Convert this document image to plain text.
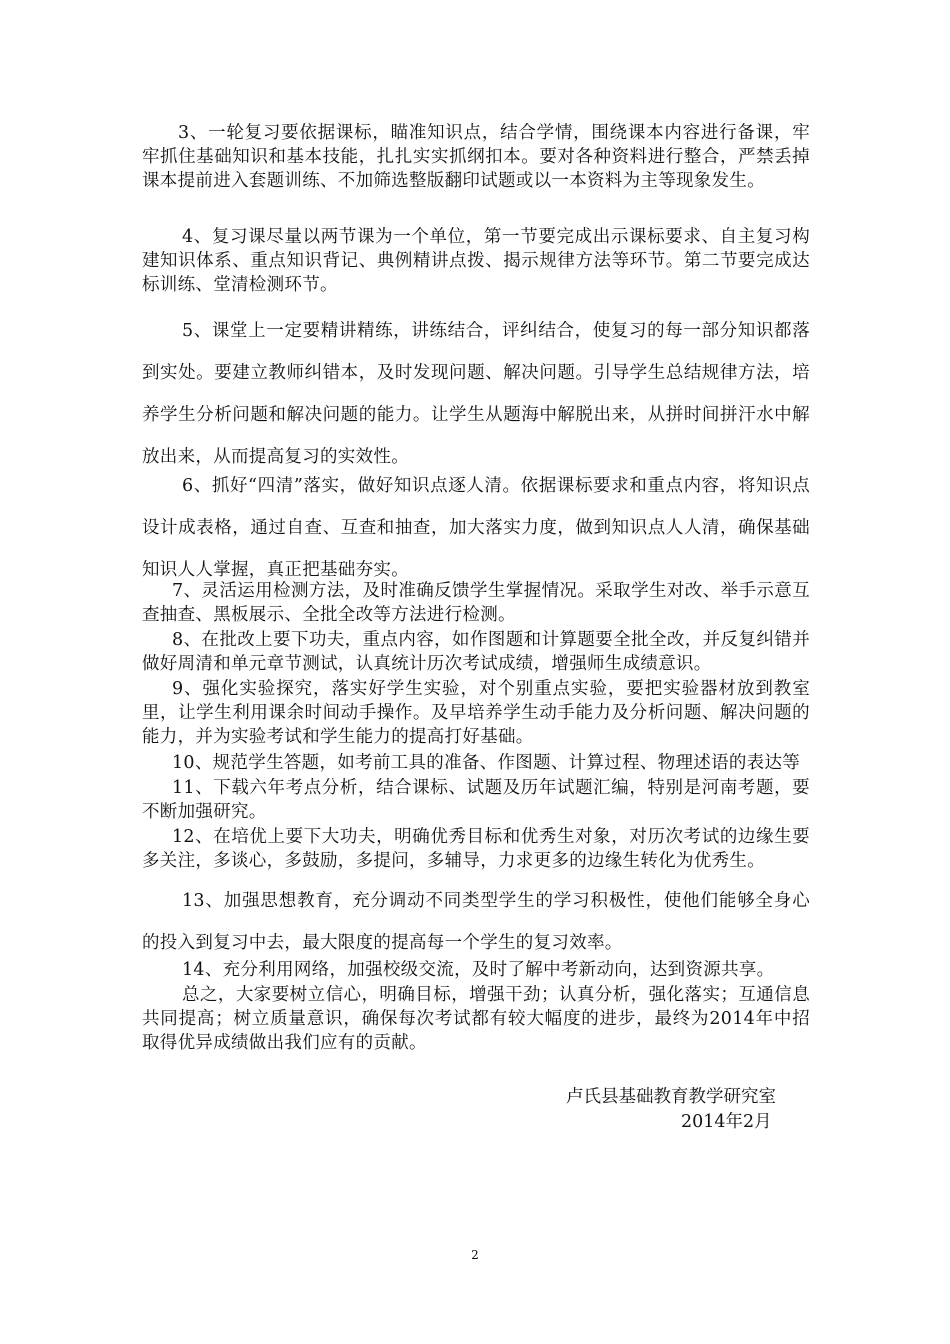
3、一轮复习要依据课标，瞄准知识点，结合学情，围绕课本内容进行备课，牢牢抓住基础知识和基本技能，扎扎实实抓纲扣本。要对各种资料进行整合，严禁丢掉课本提前进入套题训练、不加筛选整版翻印试题或以一本资料为主等现象发生。

4、复习课尽量以两节课为一个单位，第一节要完成出示课标要求、自主复习构建知识体系、重点知识背记、典例精讲点拨、揭示规律方法等环节。第二节要完成达标训练、堂清检测环节。

5、课堂上一定要精讲精练，讲练结合，评纠结合，使复习的每一部分知识都落到实处。要建立教师纠错本，及时发现问题、解决问题。引导学生总结规律方法，培养学生分析问题和解决问题的能力。让学生从题海中解脱出来，从拼时间拼汗水中解放出来，从而提高复习的实效性。

6、抓好“四清”落实，做好知识点逐人清。依据课标要求和重点内容，将知识点设计成表格，通过自查、互查和抽查，加大落实力度，做到知识点人人清，确保基础知识人人掌握，真正把基础夯实。

7、灵活运用检测方法，及时准确反馈学生掌握情况。采取学生对改、举手示意互查抽查、黑板展示、全批全改等方法进行检测。

8、在批改上要下功夫，重点内容，如作图题和计算题要全批全改，并反复纠错并做好周清和单元章节测试，认真统计历次考试成绩，增强师生成绩意识。

9、强化实验探究，落实好学生实验，对个别重点实验，要把实验器材放到教室里，让学生利用课余时间动手操作。及早培养学生动手能力及分析问题、解决问题的能力，并为实验考试和学生能力的提高打好基础。

10、规范学生答题，如考前工具的准备、作图题、计算过程、物理述语的表达等

11、下载六年考点分析，结合课标、试题及历年试题汇编，特别是河南考题，要不断加强研究。

12、在培优上要下大功夫，明确优秀目标和优秀生对象，对历次考试的边缘生要多关注，多谈心，多鼓励，多提问，多辅导，力求更多的边缘生转化为优秀生。

13、加强思想教育，充分调动不同类型学生的学习积极性，使他们能够全身心的投入到复习中去，最大限度的提高每一个学生的复习效率。

14、充分利用网络，加强校级交流，及时了解中考新动向，达到资源共享。

总之，大家要树立信心，明确目标，增强干劲；认真分析，强化落实；互通信息共同提高；树立质量意识，确保每次考试都有较大幅度的进步，最终为2014年中招取得优异成绩做出我们应有的贡献。

卢氏县基础教育教学研究室

2014年2月

2
